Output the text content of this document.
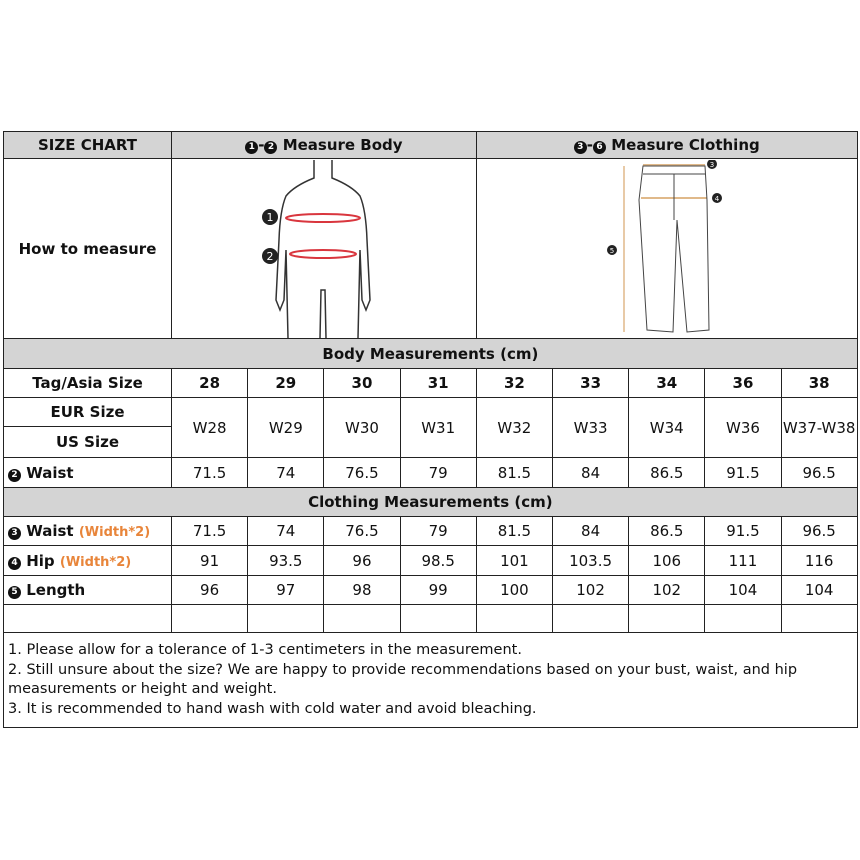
SIZE CHART	1 - 2 Measure Body				3 - 6 Measure Clothing				
How to measure	1
2				3
4
5				

Body Measurements (cm)									
Tag/Asia Size	28	29	30	31	32	33	34	36	38
EUR Size	W28	W29	W30	W31	W32	W33	W34	W36	W37-W38
US Size									
2 Waist	71.5	74	76.5	79	81.5	84	86.5	91.5	96.5
Clothing Measurements (cm)									
3 Waist (Width*2)	71.5	74	76.5	79	81.5	84	86.5	91.5	96.5
4 Hip (Width*2)	91	93.5	96	98.5	101	103.5	106	111	116
5 Length	96	97	98	99	100	102	102	104	104

1. Please allow for a tolerance of 1-3 centimeters in the measurement.
2. Still unsure about the size? We are happy to provide recommendations based on your bust, waist, and hip measurements or height and weight.
3. It is recommended to hand wash with cold water and avoid bleaching.									
